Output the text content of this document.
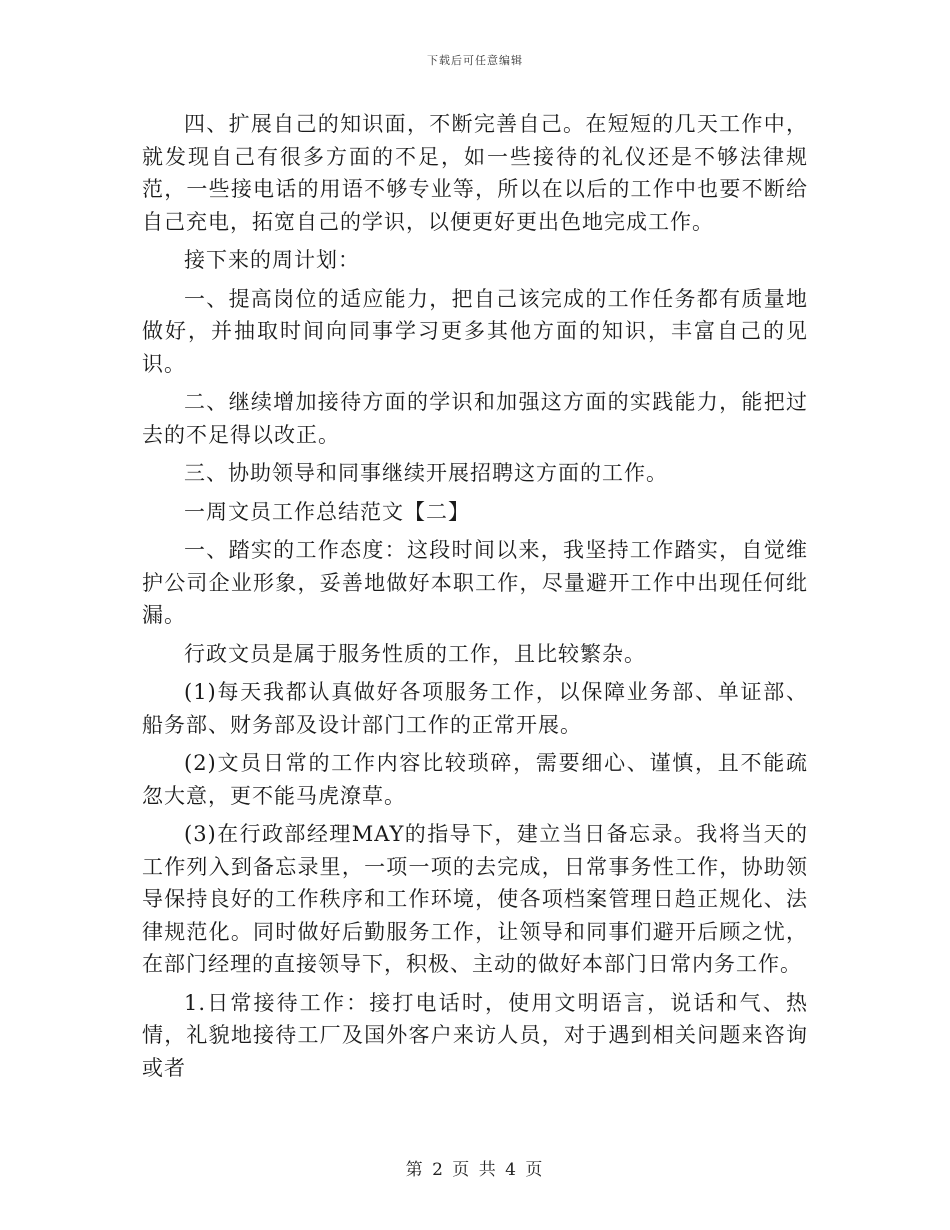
下载后可任意编辑

四、扩展自己的知识面，不断完善自己。在短短的几天工作中，就发现自己有很多方面的不足，如一些接待的礼仪还是不够法律规范，一些接电话的用语不够专业等，所以在以后的工作中也要不断给自己充电，拓宽自己的学识，以便更好更出色地完成工作。

接下来的周计划：

一、提高岗位的适应能力，把自己该完成的工作任务都有质量地做好，并抽取时间向同事学习更多其他方面的知识，丰富自己的见识。

二、继续增加接待方面的学识和加强这方面的实践能力，能把过去的不足得以改正。

三、协助领导和同事继续开展招聘这方面的工作。

一周文员工作总结范文【二】

一、踏实的工作态度：这段时间以来，我坚持工作踏实，自觉维护公司企业形象，妥善地做好本职工作，尽量避开工作中出现任何纰漏。

行政文员是属于服务性质的工作，且比较繁杂。

(1)每天我都认真做好各项服务工作，以保障业务部、单证部、船务部、财务部及设计部门工作的正常开展。

(2)文员日常的工作内容比较琐碎，需要细心、谨慎，且不能疏忽大意，更不能马虎潦草。

(3)在行政部经理MAY的指导下，建立当日备忘录。我将当天的工作列入到备忘录里，一项一项的去完成，日常事务性工作，协助领导保持良好的工作秩序和工作环境，使各项档案管理日趋正规化、法律规范化。同时做好后勤服务工作，让领导和同事们避开后顾之忧，在部门经理的直接领导下，积极、主动的做好本部门日常内务工作。

1.日常接待工作：接打电话时，使用文明语言，说话和气、热情，礼貌地接待工厂及国外客户来访人员，对于遇到相关问题来咨询或者

第 2 页 共 4 页
